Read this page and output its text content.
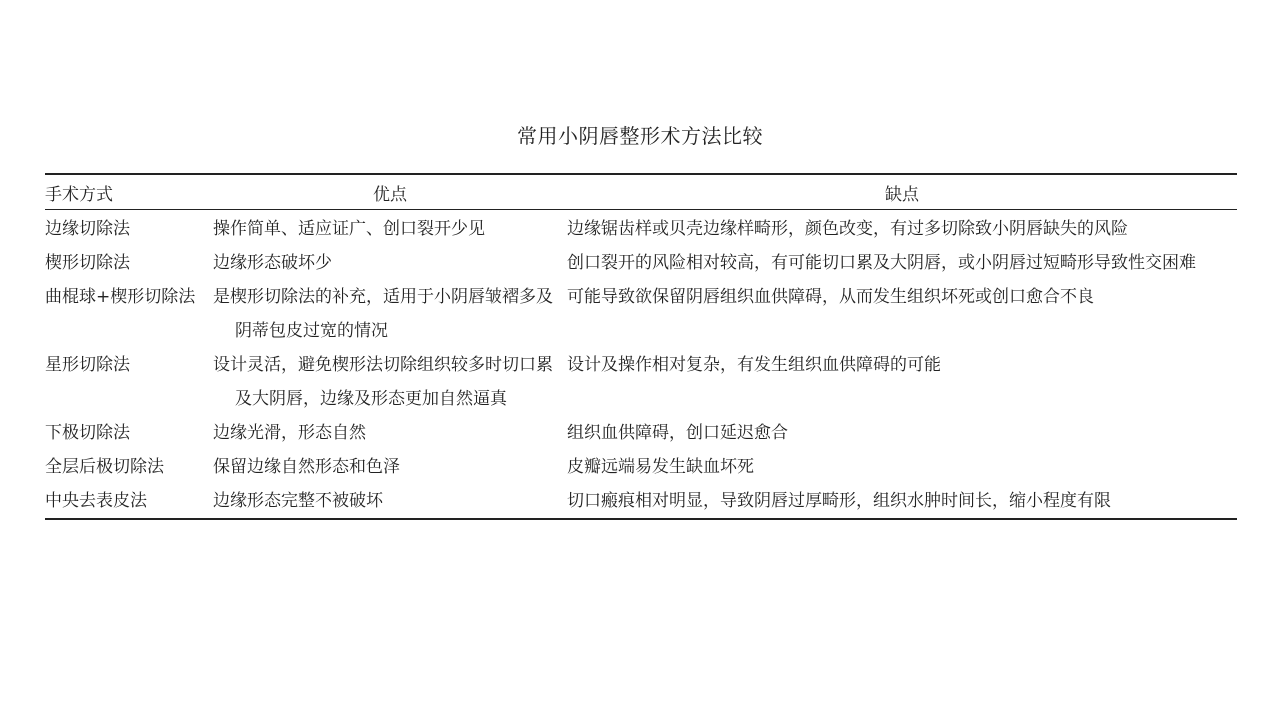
常用小阴唇整形术方法比较
手术方式	优点	缺点

边缘切除法	操作简单、适应证广、创口裂开少见	边缘锯齿样或贝壳边缘样畸形，颜色改变，有过多切除致小阴唇缺失的风险

楔形切除法	边缘形态破坏少	创口裂开的风险相对较高，有可能切口累及大阴唇，或小阴唇过短畸形导致性交困难

曲棍球+楔形切除法	是楔形切除法的补充，适用于小阴唇皱褶多及阴蒂包皮过宽的情况	可能导致欲保留阴唇组织血供障碍，从而发生组织坏死或创口愈合不良

星形切除法	设计灵活，避免楔形法切除组织较多时切口累及大阴唇，边缘及形态更加自然逼真	设计及操作相对复杂，有发生组织血供障碍的可能

下极切除法	边缘光滑，形态自然	组织血供障碍，创口延迟愈合

全层后极切除法	保留边缘自然形态和色泽	皮瓣远端易发生缺血坏死

中央去表皮法	边缘形态完整不被破坏	切口瘢痕相对明显，导致阴唇过厚畸形，组织水肿时间长，缩小程度有限
